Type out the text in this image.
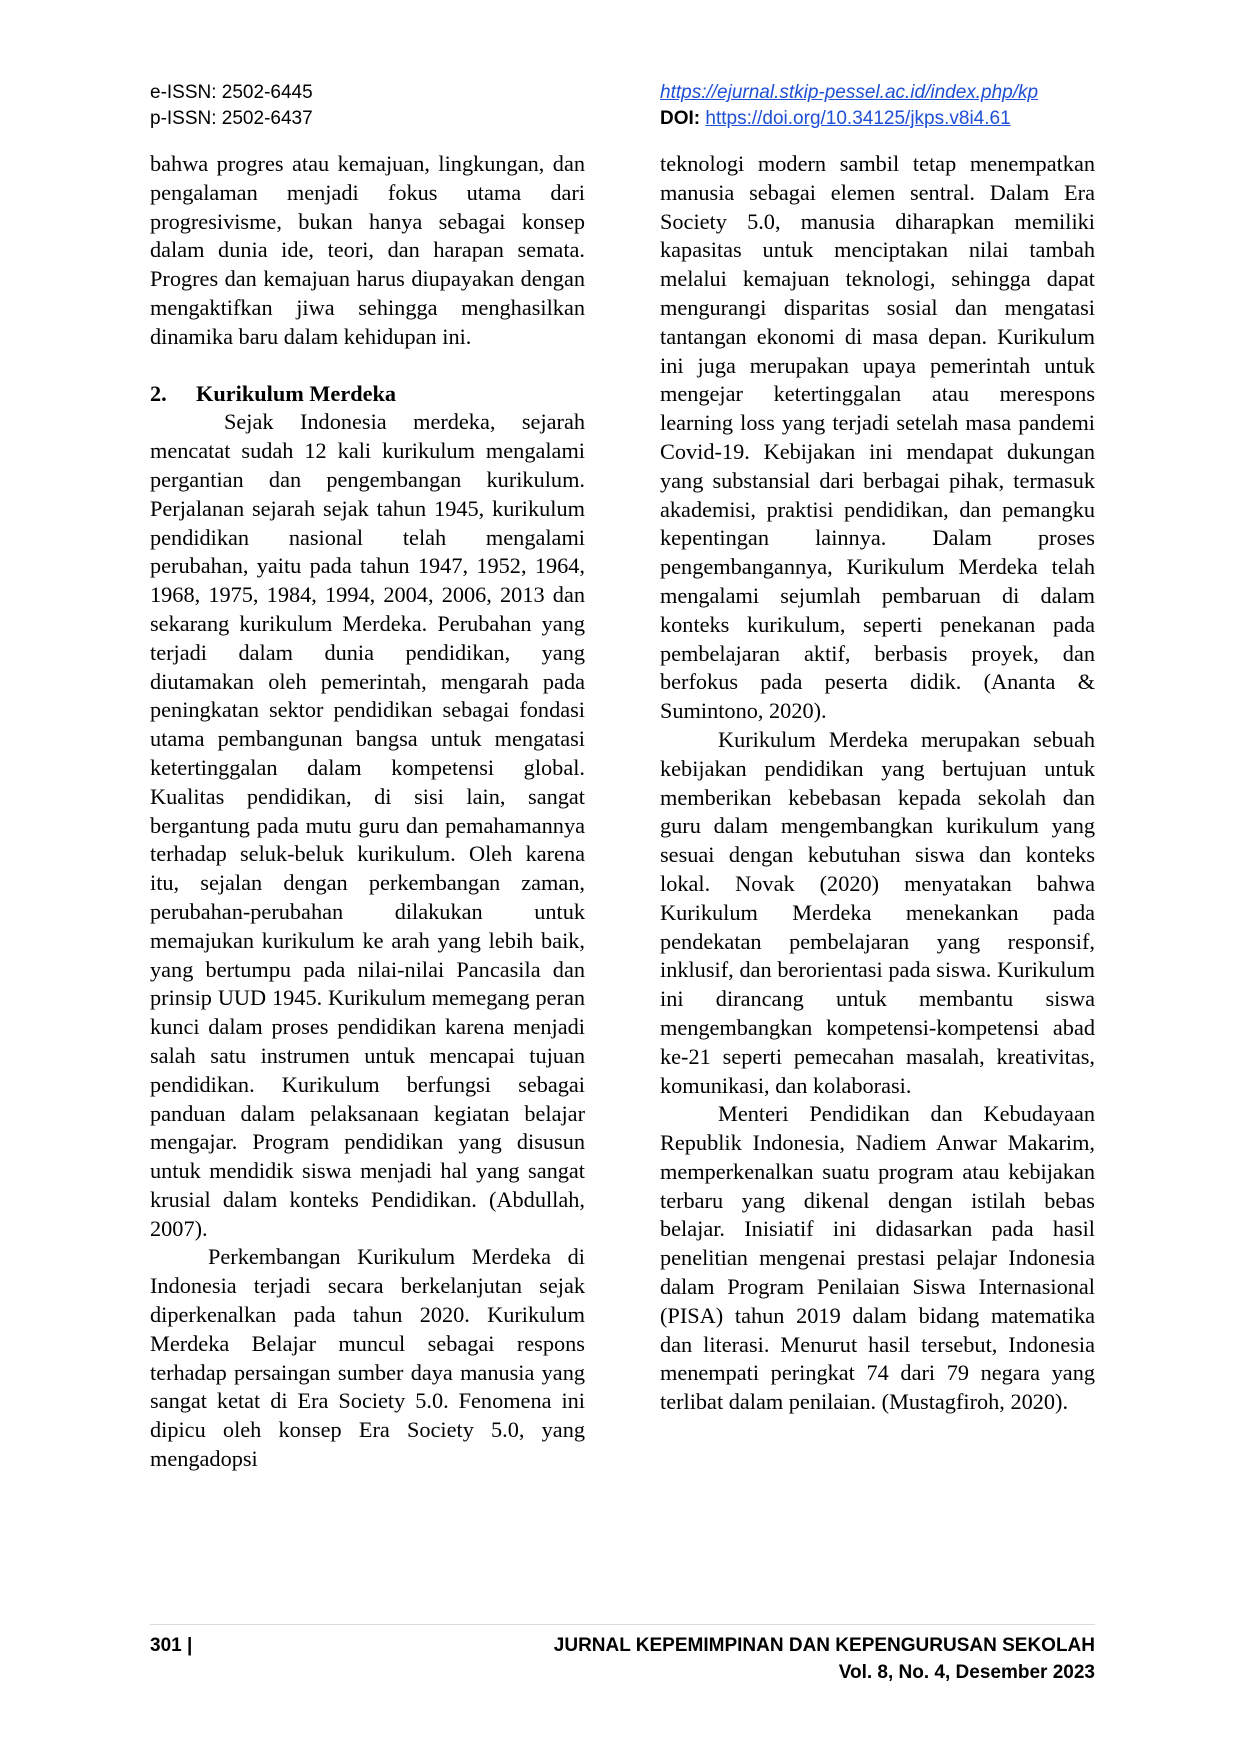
e-ISSN: 2502-6445
p-ISSN: 2502-6437
https://ejurnal.stkip-pessel.ac.id/index.php/kp
DOI: https://doi.org/10.34125/jkps.v8i4.61

bahwa progres atau kemajuan, lingkungan, dan pengalaman menjadi fokus utama dari progresivisme, bukan hanya sebagai konsep dalam dunia ide, teori, dan harapan semata. Progres dan kemajuan harus diupayakan dengan mengaktifkan jiwa sehingga menghasilkan dinamika baru dalam kehidupan ini.

2. Kurikulum Merdeka

Sejak Indonesia merdeka, sejarah mencatat sudah 12 kali kurikulum mengalami pergantian dan pengembangan kurikulum. Perjalanan sejarah sejak tahun 1945, kurikulum pendidikan nasional telah mengalami perubahan, yaitu pada tahun 1947, 1952, 1964, 1968, 1975, 1984, 1994, 2004, 2006, 2013 dan sekarang kurikulum Merdeka. Perubahan yang terjadi dalam dunia pendidikan, yang diutamakan oleh pemerintah, mengarah pada peningkatan sektor pendidikan sebagai fondasi utama pembangunan bangsa untuk mengatasi ketertinggalan dalam kompetensi global. Kualitas pendidikan, di sisi lain, sangat bergantung pada mutu guru dan pemahamannya terhadap seluk-beluk kurikulum. Oleh karena itu, sejalan dengan perkembangan zaman, perubahan-perubahan dilakukan untuk memajukan kurikulum ke arah yang lebih baik, yang bertumpu pada nilai-nilai Pancasila dan prinsip UUD 1945. Kurikulum memegang peran kunci dalam proses pendidikan karena menjadi salah satu instrumen untuk mencapai tujuan pendidikan. Kurikulum berfungsi sebagai panduan dalam pelaksanaan kegiatan belajar mengajar. Program pendidikan yang disusun untuk mendidik siswa menjadi hal yang sangat krusial dalam konteks Pendidikan. (Abdullah, 2007).

Perkembangan Kurikulum Merdeka di Indonesia terjadi secara berkelanjutan sejak diperkenalkan pada tahun 2020. Kurikulum Merdeka Belajar muncul sebagai respons terhadap persaingan sumber daya manusia yang sangat ketat di Era Society 5.0. Fenomena ini dipicu oleh konsep Era Society 5.0, yang mengadopsi

teknologi modern sambil tetap menempatkan manusia sebagai elemen sentral. Dalam Era Society 5.0, manusia diharapkan memiliki kapasitas untuk menciptakan nilai tambah melalui kemajuan teknologi, sehingga dapat mengurangi disparitas sosial dan mengatasi tantangan ekonomi di masa depan. Kurikulum ini juga merupakan upaya pemerintah untuk mengejar ketertinggalan atau merespons learning loss yang terjadi setelah masa pandemi Covid-19. Kebijakan ini mendapat dukungan yang substansial dari berbagai pihak, termasuk akademisi, praktisi pendidikan, dan pemangku kepentingan lainnya. Dalam proses pengembangannya, Kurikulum Merdeka telah mengalami sejumlah pembaruan di dalam konteks kurikulum, seperti penekanan pada pembelajaran aktif, berbasis proyek, dan berfokus pada peserta didik. (Ananta & Sumintono, 2020).

Kurikulum Merdeka merupakan sebuah kebijakan pendidikan yang bertujuan untuk memberikan kebebasan kepada sekolah dan guru dalam mengembangkan kurikulum yang sesuai dengan kebutuhan siswa dan konteks lokal. Novak (2020) menyatakan bahwa Kurikulum Merdeka menekankan pada pendekatan pembelajaran yang responsif, inklusif, dan berorientasi pada siswa. Kurikulum ini dirancang untuk membantu siswa mengembangkan kompetensi-kompetensi abad ke-21 seperti pemecahan masalah, kreativitas, komunikasi, dan kolaborasi.

Menteri Pendidikan dan Kebudayaan Republik Indonesia, Nadiem Anwar Makarim, memperkenalkan suatu program atau kebijakan terbaru yang dikenal dengan istilah bebas belajar. Inisiatif ini didasarkan pada hasil penelitian mengenai prestasi pelajar Indonesia dalam Program Penilaian Siswa Internasional (PISA) tahun 2019 dalam bidang matematika dan literasi. Menurut hasil tersebut, Indonesia menempati peringkat 74 dari 79 negara yang terlibat dalam penilaian. (Mustagfiroh, 2020).

301 |	JURNAL KEPEMIMPINAN DAN KEPENGURUSAN SEKOLAH
Vol. 8, No. 4, Desember 2023
